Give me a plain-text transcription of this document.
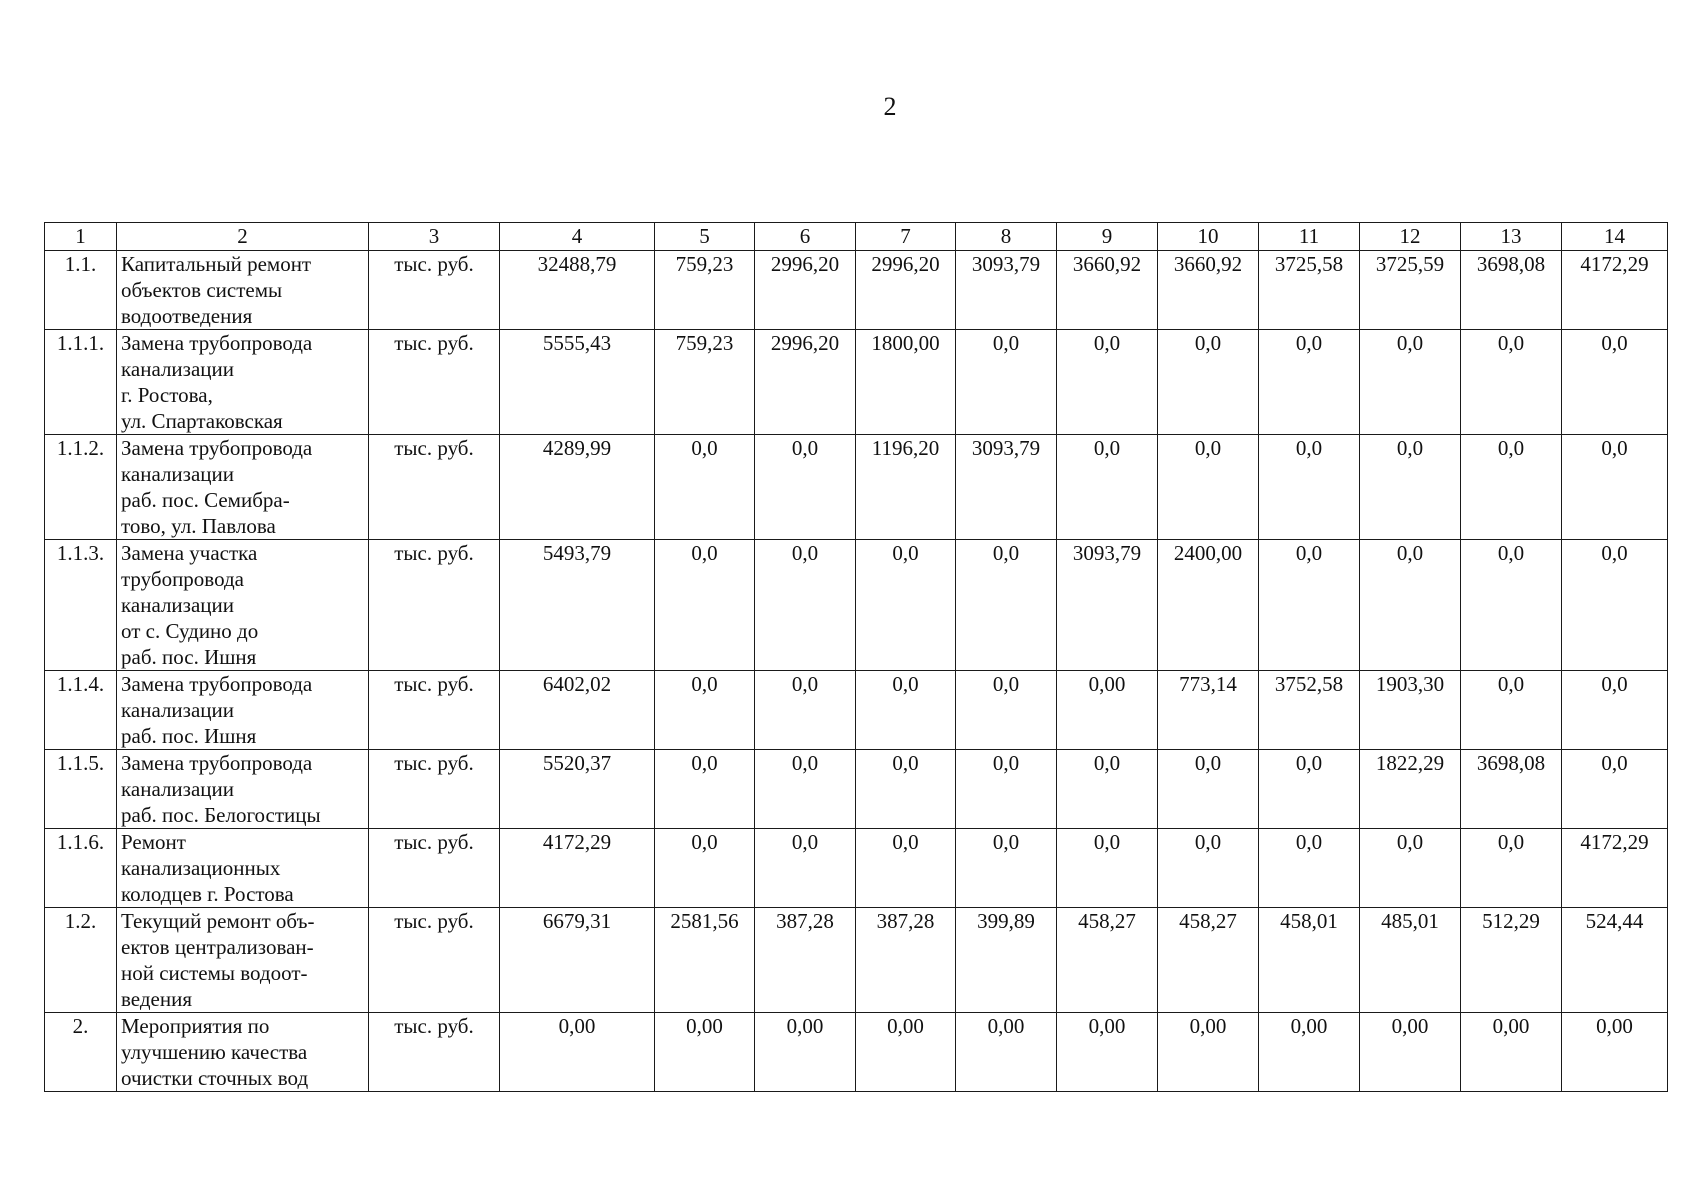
2
1	2	3	4	5	6	7	8	9	10	11	12	13	14
1.1.	Капитальный ремонт
объектов системы
водоотведения	тыс. руб.	32488,79	759,23	2996,20	2996,20	3093,79	3660,92	3660,92	3725,58	3725,59	3698,08	4172,29
1.1.1.	Замена трубопровода
канализации
г. Ростова,
ул. Спартаковская	тыс. руб.	5555,43	759,23	2996,20	1800,00	0,0	0,0	0,0	0,0	0,0	0,0	0,0
1.1.2.	Замена трубопровода
канализации
раб. пос. Семибра-
тово, ул. Павлова	тыс. руб.	4289,99	0,0	0,0	1196,20	3093,79	0,0	0,0	0,0	0,0	0,0	0,0
1.1.3.	Замена участка
трубопровода
канализации
от с. Судино до
раб. пос. Ишня	тыс. руб.	5493,79	0,0	0,0	0,0	0,0	3093,79	2400,00	0,0	0,0	0,0	0,0
1.1.4.	Замена трубопровода
канализации
раб. пос. Ишня	тыс. руб.	6402,02	0,0	0,0	0,0	0,0	0,00	773,14	3752,58	1903,30	0,0	0,0
1.1.5.	Замена трубопровода
канализации
раб. пос. Белогостицы	тыс. руб.	5520,37	0,0	0,0	0,0	0,0	0,0	0,0	0,0	1822,29	3698,08	0,0
1.1.6.	Ремонт
канализационных
колодцев г. Ростова	тыс. руб.	4172,29	0,0	0,0	0,0	0,0	0,0	0,0	0,0	0,0	0,0	4172,29
1.2.	Текущий ремонт объ-
ектов централизован-
ной системы водоот-
ведения	тыс. руб.	6679,31	2581,56	387,28	387,28	399,89	458,27	458,27	458,01	485,01	512,29	524,44
2.	Мероприятия по
улучшению качества
очистки сточных вод	тыс. руб.	0,00	0,00	0,00	0,00	0,00	0,00	0,00	0,00	0,00	0,00	0,00
